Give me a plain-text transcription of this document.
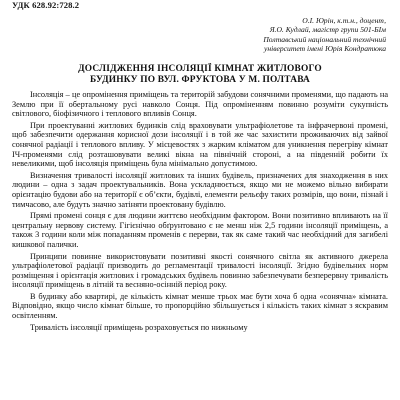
УДК 628.92:728.2
О.І. Юрін, к.т.н., доцент,
Я.О. Кудлай, магістр групи 501-БІм
Полтавський національний технічний
університет імені Юрія Кондратюка
ДОСЛІДЖЕННЯ ІНСОЛЯЦІЇ КІМНАТ ЖИТЛОВОГО
БУДИНКУ ПО ВУЛ. ФРУКТОВА У М. ПОЛТАВА

Інсоляція – це опромінення приміщень та територій забудови сонячними променями, що падають на Землю при її обертальному русі навколо Сонця. Під опроміненням повинно розуміти сукупність світлового, біофізичного і теплового впливів Сонця.

При проектуванні житлових будинків слід враховувати ультрафіолетове та інфрачервоні промені, щоб забезпечити одержання корисної дози інсоляції і в той же час захистити проживаючих від зайвої сонячної радіації і теплового впливу. У місцевостях з жарким кліматом для уникнення перегріву кімнат ІЧ-променями слід розташовувати великі вікна на північній стороні, а на південній робити їх невеликими, щоб інсоляція приміщень була мінімально допустимою.

Визначення тривалості інсоляції житлових та інших будівель, призначених для знаходження в них людини – одна з задач проектувальників. Вона ускладнюється, якщо ми не можемо вільно вибирати орієнтацію будови або на території є об’єкти, будівлі, елементи рельєфу таких розмірів, що вони, пізнай і тимчасово, але будуть значно затіняти проектовану будівлю.

Прямі промені сонця є для людини життєво необхідним фактором. Вони позитивно впливають на її центральну нервову систему. Гігієнічно обґрунтовано є не менш ніж 2,5 години інсоляції приміщень, а також 3 години коли між попаданням променів є перерви, так як саме такий час необхідний для загибелі кишкової палички.

Принципи повинне використовувати позитивні якості сонячного світла як активного джерела ультрафіолетової радіації призводить до регламентації тривалості інсоляції. Згідно будівельних норм розміщення і орієнтація житлових і громадських будівель повинно забезпечувати безперервну тривалість інсоляції приміщень в літній та весняно-осінній період року.

В будинку або квартирі, де кількість кімнат менше трьох має бути хоча б одна «сонячна» кімната. Відповідно, якщо число кімнат більше, то пропорційно збільшується і кількість таких кімнат з яскравим освітленням.

Тривалість інсоляції приміщень розраховується по нижньому
